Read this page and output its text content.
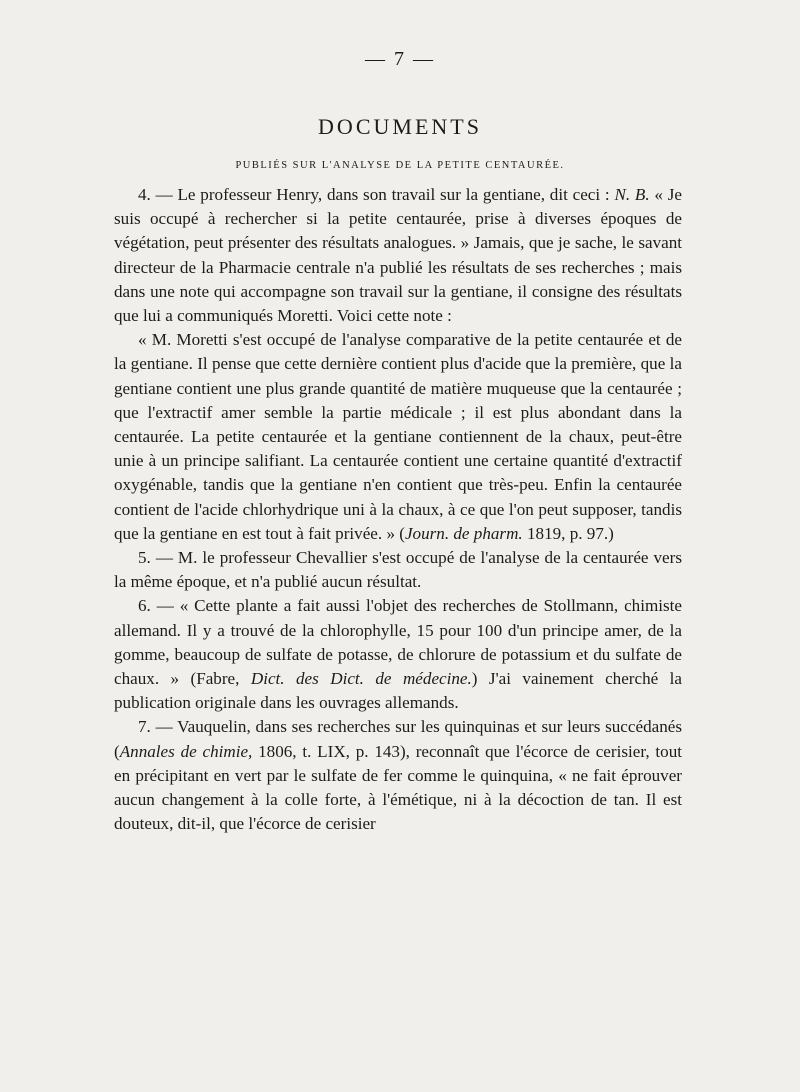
— 7 —
DOCUMENTS
PUBLIÉS SUR L'ANALYSE DE LA PETITE CENTAURÉE.

4. — Le professeur Henry, dans son travail sur la gentiane, dit ceci : N. B. « Je suis occupé à rechercher si la petite centaurée, prise à diverses époques de végétation, peut présenter des résultats analogues. » Jamais, que je sache, le savant directeur de la Pharmacie centrale n'a publié les résultats de ses recherches ; mais dans une note qui accompagne son travail sur la gentiane, il consigne des résultats que lui a communiqués Moretti. Voici cette note :

« M. Moretti s'est occupé de l'analyse comparative de la petite centaurée et de la gentiane. Il pense que cette dernière contient plus d'acide que la première, que la gentiane contient une plus grande quantité de matière muqueuse que la centaurée ; que l'extractif amer semble la partie médicale ; il est plus abondant dans la centaurée. La petite centaurée et la gentiane contiennent de la chaux, peut-être unie à un principe salifiant. La centaurée contient une certaine quantité d'extractif oxygénable, tandis que la gentiane n'en contient que très-peu. Enfin la centaurée contient de l'acide chlorhydrique uni à la chaux, à ce que l'on peut supposer, tandis que la gentiane en est tout à fait privée. » (Journ. de pharm. 1819, p. 97.)

5. — M. le professeur Chevallier s'est occupé de l'analyse de la centaurée vers la même époque, et n'a publié aucun résultat.

6. — « Cette plante a fait aussi l'objet des recherches de Stollmann, chimiste allemand. Il y a trouvé de la chlorophylle, 15 pour 100 d'un principe amer, de la gomme, beaucoup de sulfate de potasse, de chlorure de potassium et du sulfate de chaux. » (Fabre, Dict. des Dict. de médecine.) J'ai vainement cherché la publication originale dans les ouvrages allemands.

7. — Vauquelin, dans ses recherches sur les quinquinas et sur leurs succédanés (Annales de chimie, 1806, t. LIX, p. 143), reconnaît que l'écorce de cerisier, tout en précipitant en vert par le sulfate de fer comme le quinquina, « ne fait éprouver aucun changement à la colle forte, à l'émétique, ni à la décoction de tan. Il est douteux, dit-il, que l'écorce de cerisier
